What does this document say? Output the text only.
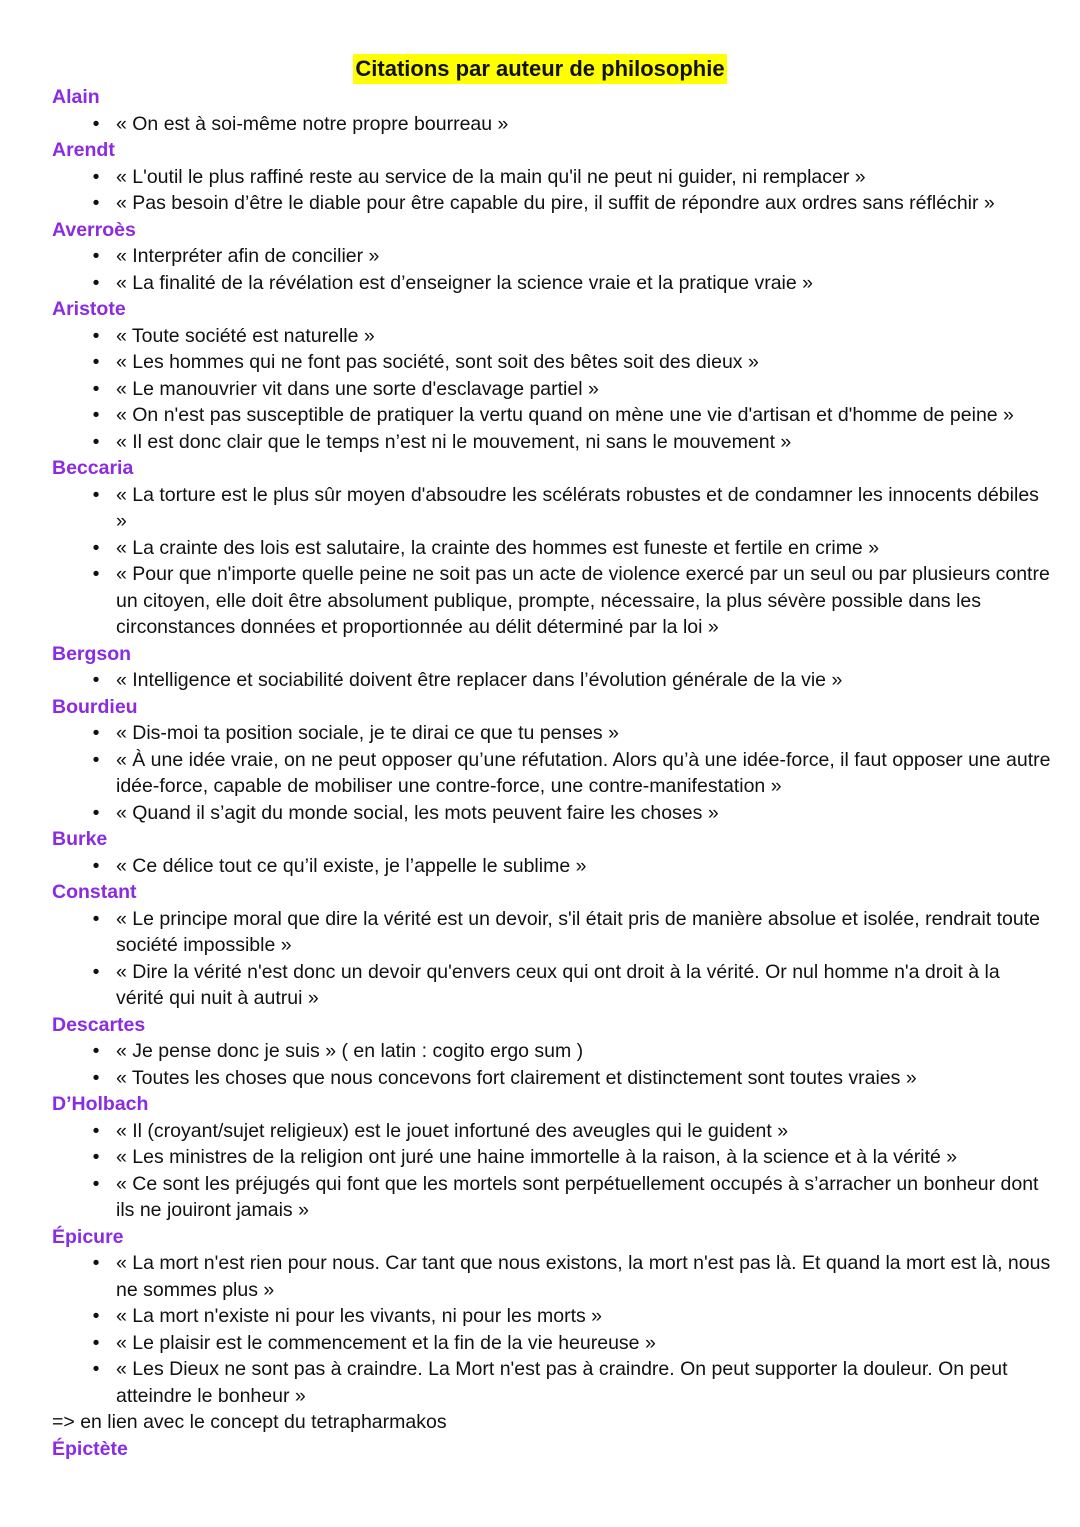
Citations par auteur de philosophie
Alain
• « On est à soi-même notre propre bourreau »
Arendt
• « L'outil le plus raffiné reste au service de la main qu'il ne peut ni guider, ni remplacer »
• « Pas besoin d’être le diable pour être capable du pire, il suffit de répondre aux ordres sans réfléchir »
Averroès
• « Interpréter afin de concilier »
• « La finalité de la révélation est d’enseigner la science vraie et la pratique vraie »
Aristote
• « Toute société est naturelle »
• « Les hommes qui ne font pas société, sont soit des bêtes soit des dieux »
• « Le manouvrier vit dans une sorte d'esclavage partiel »
• « On n'est pas susceptible de pratiquer la vertu quand on mène une vie d'artisan et d'homme de peine »
• « Il est donc clair que le temps n’est ni le mouvement, ni sans le mouvement »
Beccaria
• « La torture est le plus sûr moyen d'absoudre les scélérats robustes et de condamner les innocents débiles »
• « La crainte des lois est salutaire, la crainte des hommes est funeste et fertile en crime »
• « Pour que n'importe quelle peine ne soit pas un acte de violence exercé par un seul ou par plusieurs contre un citoyen, elle doit être absolument publique, prompte, nécessaire, la plus sévère possible dans les circonstances données et proportionnée au délit déterminé par la loi »
Bergson
• « Intelligence et sociabilité doivent être replacer dans l’évolution générale de la vie »
Bourdieu
• « Dis-moi ta position sociale, je te dirai ce que tu penses »
• « À une idée vraie, on ne peut opposer qu’une réfutation. Alors qu’à une idée-force, il faut opposer une autre idée-force, capable de mobiliser une contre-force, une contre-manifestation »
• « Quand il s’agit du monde social, les mots peuvent faire les choses »
Burke
• « Ce délice tout ce qu’il existe, je l’appelle le sublime »
Constant
• « Le principe moral que dire la vérité est un devoir, s'il était pris de manière absolue et isolée, rendrait toute société impossible »
• « Dire la vérité n'est donc un devoir qu'envers ceux qui ont droit à la vérité. Or nul homme n'a droit à la vérité qui nuit à autrui »
Descartes
• « Je pense donc je suis » ( en latin : cogito ergo sum )
• « Toutes les choses que nous concevons fort clairement et distinctement sont toutes vraies »
D’Holbach
• « Il (croyant/sujet religieux) est le jouet infortuné des aveugles qui le guident »
• « Les ministres de la religion ont juré une haine immortelle à la raison, à la science et à la vérité »
• « Ce sont les préjugés qui font que les mortels sont perpétuellement occupés à s’arracher un bonheur dont ils ne jouiront jamais »
Épicure
• « La mort n'est rien pour nous. Car tant que nous existons, la mort n'est pas là. Et quand la mort est là, nous ne sommes plus »
• « La mort n'existe ni pour les vivants, ni pour les morts »
• « Le plaisir est le commencement et la fin de la vie heureuse »
• « Les Dieux ne sont pas à craindre. La Mort n'est pas à craindre. On peut supporter la douleur. On peut atteindre le bonheur »
=> en lien avec le concept du tetrapharmakos
Épictète
